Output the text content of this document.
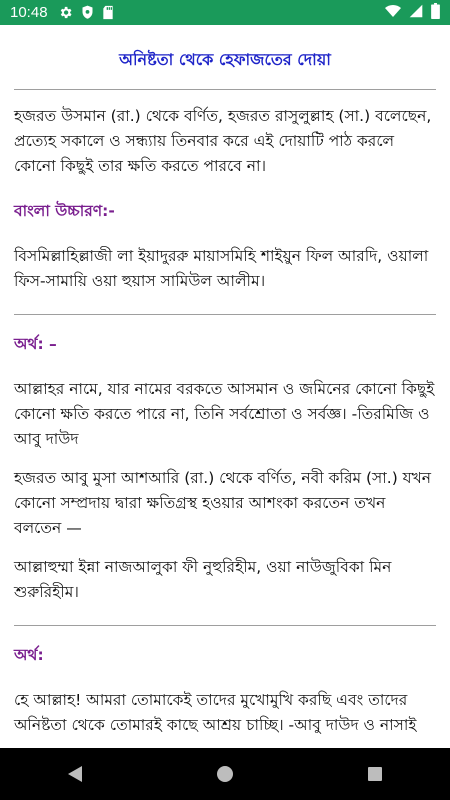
10:48
অনিষ্টতা থেকে হেফাজতের দোয়া

হজরত উসমান (রা.) থেকে বর্ণিত, হজরত রাসুলুল্লাহ (সা.) বলেছেন, প্রত্যেহ সকালে ও সন্ধ্যায় তিনবার করে এই দোয়াটি পাঠ করলে কোনো কিছুই তার ক্ষতি করতে পারবে না।

বাংলা উচ্চারণ:-

বিসমিল্লাহিল্লাজী লা ইয়াদুররু মায়াসমিহি শাইয়ুন ফিল আরদি, ওয়ালা ফিস-সামায়ি ওয়া হুয়াস সামিউল আলীম।

অর্থ: –

আল্লাহর নামে, যার নামের বরকতে আসমান ও জমিনের কোনো কিছুই কোনো ক্ষতি করতে পারে না, তিনি সর্বশ্রোতা ও সর্বজ্ঞ। -তিরমিজি ও আবু দাউদ

হজরত আবু মুসা আশআরি (রা.) থেকে বর্ণিত, নবী করিম (সা.) যখন কোনো সম্প্রদায় দ্বারা ক্ষতিগ্রস্থ হওয়ার আশংকা করতেন তখন বলতেন —

আল্লাহুম্মা ইন্না নাজআলুকা ফী নুহুরিহীম, ওয়া নাউজুবিকা মিন শুরুরিহীম।

অর্থ:

হে আল্লাহ! আমরা তোমাকেই তাদের মুখোমুখি করছি এবং তাদের অনিষ্টতা থেকে তোমারই কাছে আশ্রয় চাচ্ছি। -আবু দাউদ ও নাসাই
